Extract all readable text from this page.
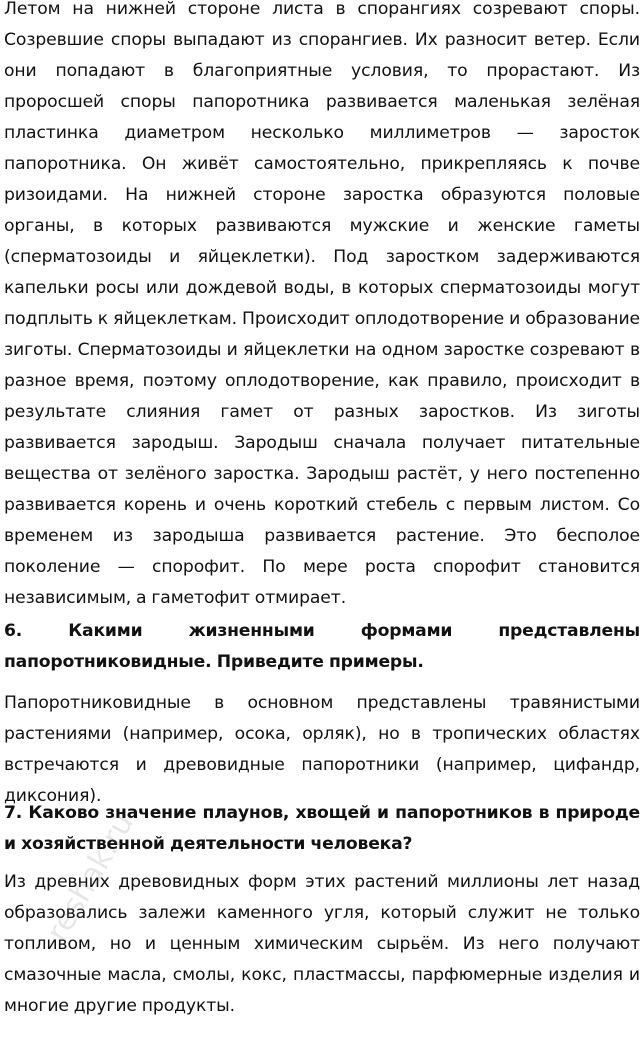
Летом на нижней стороне листа в спорангиях созревают споры. Созревшие споры выпадают из спорангиев. Их разносит ветер. Если они попадают в благоприятные условия, то прорастают. Из проросшей споры папоротника развивается маленькая зелёная пластинка диаметром несколько миллиметров — заросток папоротника. Он живёт самостоятельно, прикрепляясь к почве ризоидами. На нижней стороне заростка образуются половые органы, в которых развиваются мужские и женские гаметы (сперматозоиды и яйцеклетки). Под заростком задерживаются капельки росы или дождевой воды, в которых сперматозоиды могут подплыть к яйцеклеткам. Происходит оплодотворение и образование зиготы. Сперматозоиды и яйцеклетки на одном заростке созревают в разное время, поэтому оплодотворение, как правило, происходит в результате слияния гамет от разных заростков. Из зиготы развивается зародыш. Зародыш сначала получает питательные вещества от зелёного заростка. Зародыш растёт, у него постепенно развивается корень и очень короткий стебель с первым листом. Со временем из зародыша развивается растение. Это бесполое поколение — спорофит. По мере роста спорофит становится независимым, а гаметофит отмирает.

6. Какими жизненными формами представлены папоротниковидные. Приведите примеры.

Папоротниковидные в основном представлены травянистыми растениями (например, осока, орляк), но в тропических областях встречаются и древовидные папоротники (например, цифандр, диксония).

7. Каково значение плаунов, хвощей и папоротников в природе и хозяйственной деятельности человека?

Из древних древовидных форм этих растений миллионы лет назад образовались залежи каменного угля, который служит не только топливом, но и ценным химическим сырьём. Из него получают смазочные масла, смолы, кокс, пластмассы, парфюмерные изделия и многие другие продукты.

reshak.ru
